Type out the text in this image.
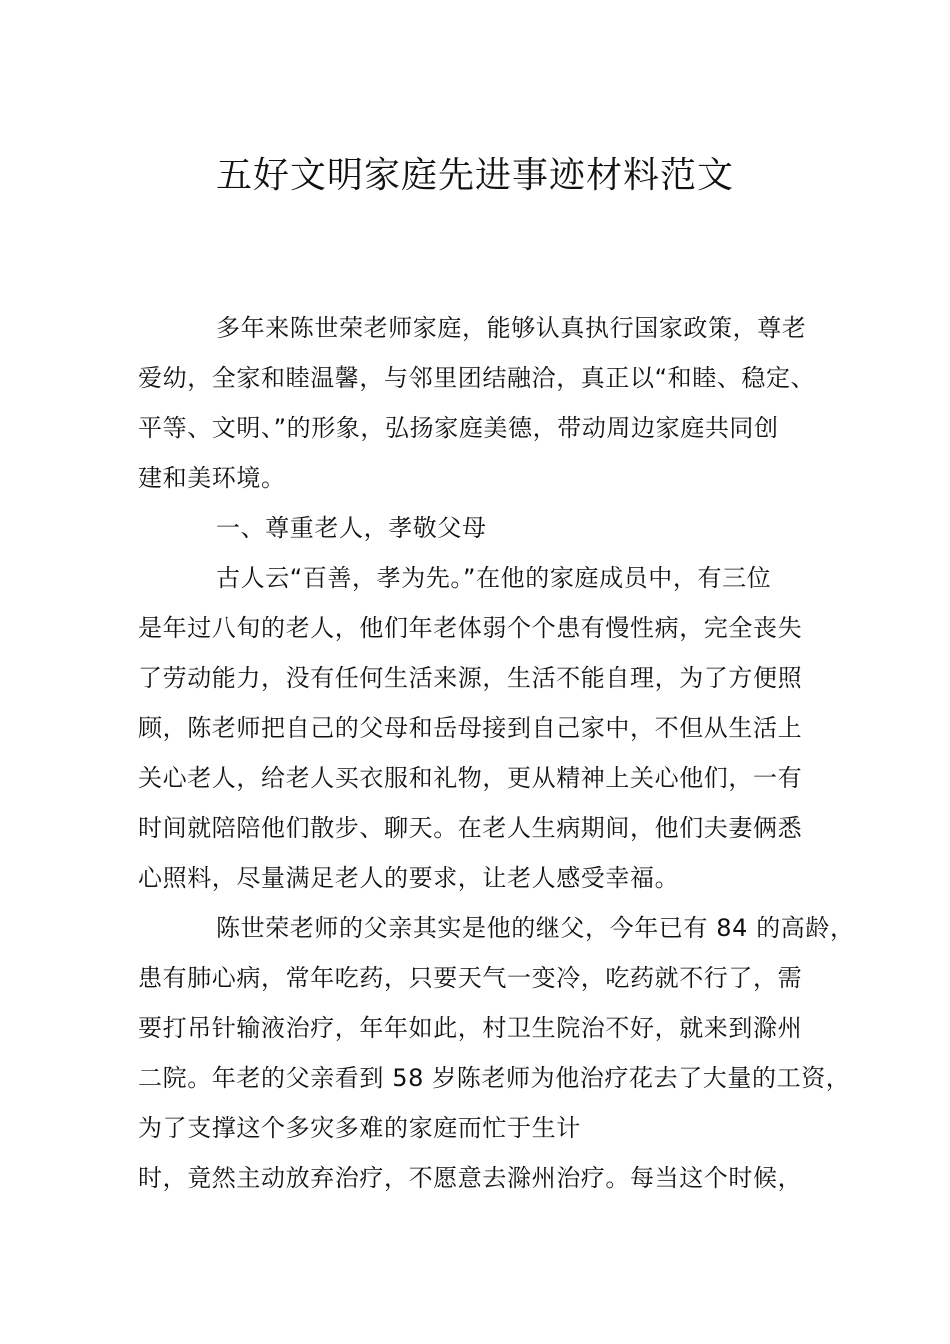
五好文明家庭先进事迹材料范文
多年来陈世荣老师家庭，能够认真执行国家政策，尊老
爱幼，全家和睦温馨，与邻里团结融洽，真正以“和睦、稳定、
平等、文明、”的形象，弘扬家庭美德，带动周边家庭共同创
建和美环境。
一、尊重老人，孝敬父母
古人云“百善，孝为先。”在他的家庭成员中，有三位
是年过八旬的老人，他们年老体弱个个患有慢性病，完全丧失
了劳动能力，没有任何生活来源，生活不能自理，为了方便照
顾，陈老师把自己的父母和岳母接到自己家中，不但从生活上
关心老人，给老人买衣服和礼物，更从精神上关心他们，一有
时间就陪陪他们散步、聊天。在老人生病期间，他们夫妻俩悉
心照料，尽量满足老人的要求，让老人感受幸福。
陈世荣老师的父亲其实是他的继父，今年已有 84 的高龄，
患有肺心病，常年吃药，只要天气一变冷，吃药就不行了，需
要打吊针输液治疗，年年如此，村卫生院治不好，就来到滁州
二院。年老的父亲看到 58 岁陈老师为他治疗花去了大量的工资，
为了支撑这个多灾多难的家庭而忙于生计
时，竟然主动放弃治疗，不愿意去滁州治疗。每当这个时候，
